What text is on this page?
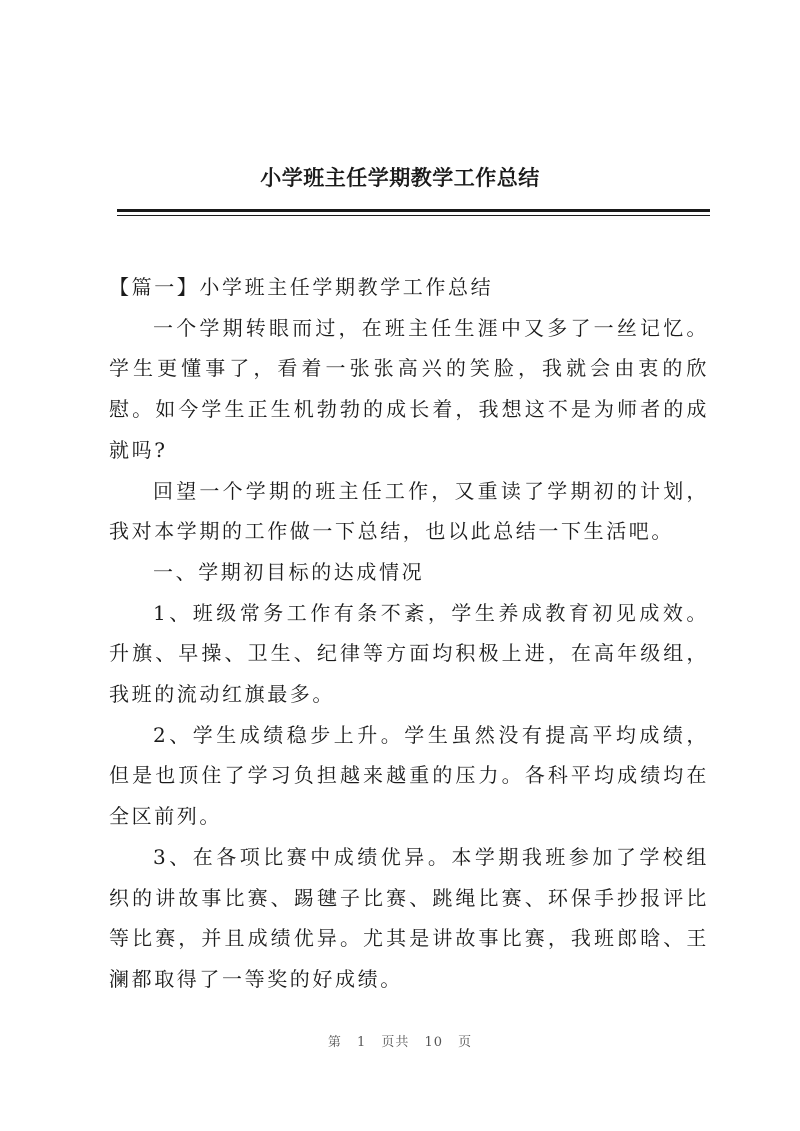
小学班主任学期教学工作总结

【篇一】小学班主任学期教学工作总结

一个学期转眼而过，在班主任生涯中又多了一丝记忆。学生更懂事了，看着一张张高兴的笑脸，我就会由衷的欣慰。如今学生正生机勃勃的成长着，我想这不是为师者的成就吗?

回望一个学期的班主任工作，又重读了学期初的计划，我对本学期的工作做一下总结，也以此总结一下生活吧。

一、学期初目标的达成情况

1、班级常务工作有条不紊，学生养成教育初见成效。升旗、早操、卫生、纪律等方面均积极上进，在高年级组，我班的流动红旗最多。

2、学生成绩稳步上升。学生虽然没有提高平均成绩，但是也顶住了学习负担越来越重的压力。各科平均成绩均在全区前列。

3、在各项比赛中成绩优异。本学期我班参加了学校组织的讲故事比赛、踢毽子比赛、跳绳比赛、环保手抄报评比等比赛，并且成绩优异。尤其是讲故事比赛，我班郎晗、王澜都取得了一等奖的好成绩。

第 1 页共 10 页
